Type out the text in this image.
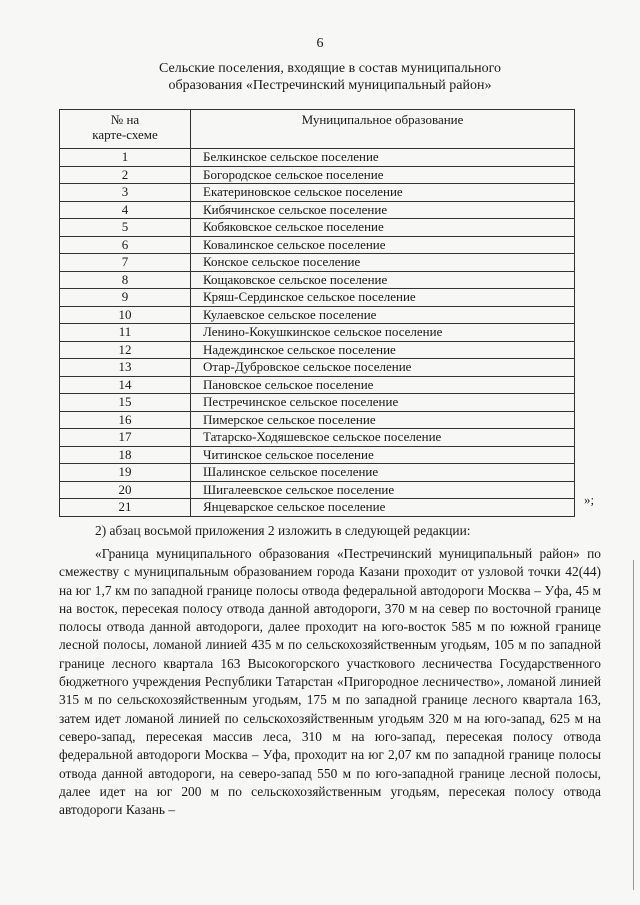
6
Сельские поселения, входящие в состав муниципального
образования «Пестречинский муниципальный район»
№ на
карте-схеме	Муниципальное образование
1	Белкинское сельское поселение
2	Богородское сельское поселение
3	Екатериновское сельское поселение
4	Кибячинское сельское поселение
5	Кобяковское сельское поселение
6	Ковалинское сельское поселение
7	Конское сельское поселение
8	Кощаковское сельское поселение
9	Кряш-Сердинское сельское поселение
10	Кулаевское сельское поселение
11	Ленино-Кокушкинское сельское поселение
12	Надеждинское сельское поселение
13	Отар-Дубровское сельское поселение
14	Пановское сельское поселение
15	Пестречинское сельское поселение
16	Пимерское сельское поселение
17	Татарско-Ходяшевское сельское поселение
18	Читинское сельское поселение
19	Шалинское сельское поселение
20	Шигалеевское сельское поселение
21	Янцеварское сельское поселение	»;
2) абзац восьмой приложения 2 изложить в следующей редакции:
«Граница муниципального образования «Пестречинский муниципальный район» по смежеству с муниципальным образованием города Казани проходит от узловой точки 42(44) на юг 1,7 км по западной границе полосы отвода федеральной автодороги Москва – Уфа, 45 м на восток, пересекая полосу отвода данной автодороги, 370 м на север по восточной границе полосы отвода данной автодороги, далее проходит на юго-восток 585 м по южной границе лесной полосы, ломаной линией 435 м по сельскохозяйственным угодьям, 105 м по западной границе лесного квартала 163 Высокогорского участкового лесничества Государственного бюджетного учреждения Республики Татарстан «Пригородное лесничество», ломаной линией 315 м по сельскохозяйственным угодьям, 175 м по западной границе лесного квартала 163, затем идет ломаной линией по сельскохозяйственным угодьям 320 м на юго-запад, 625 м на северо-запад, пересекая массив леса, 310 м на юго-запад, пересекая полосу отвода федеральной автодороги Москва – Уфа, проходит на юг 2,07 км по западной границе полосы отвода данной автодороги, на северо-запад 550 м по юго-западной границе лесной полосы, далее идет на юг 200 м по сельскохозяйственным угодьям, пересекая полосу отвода автодороги Казань –
